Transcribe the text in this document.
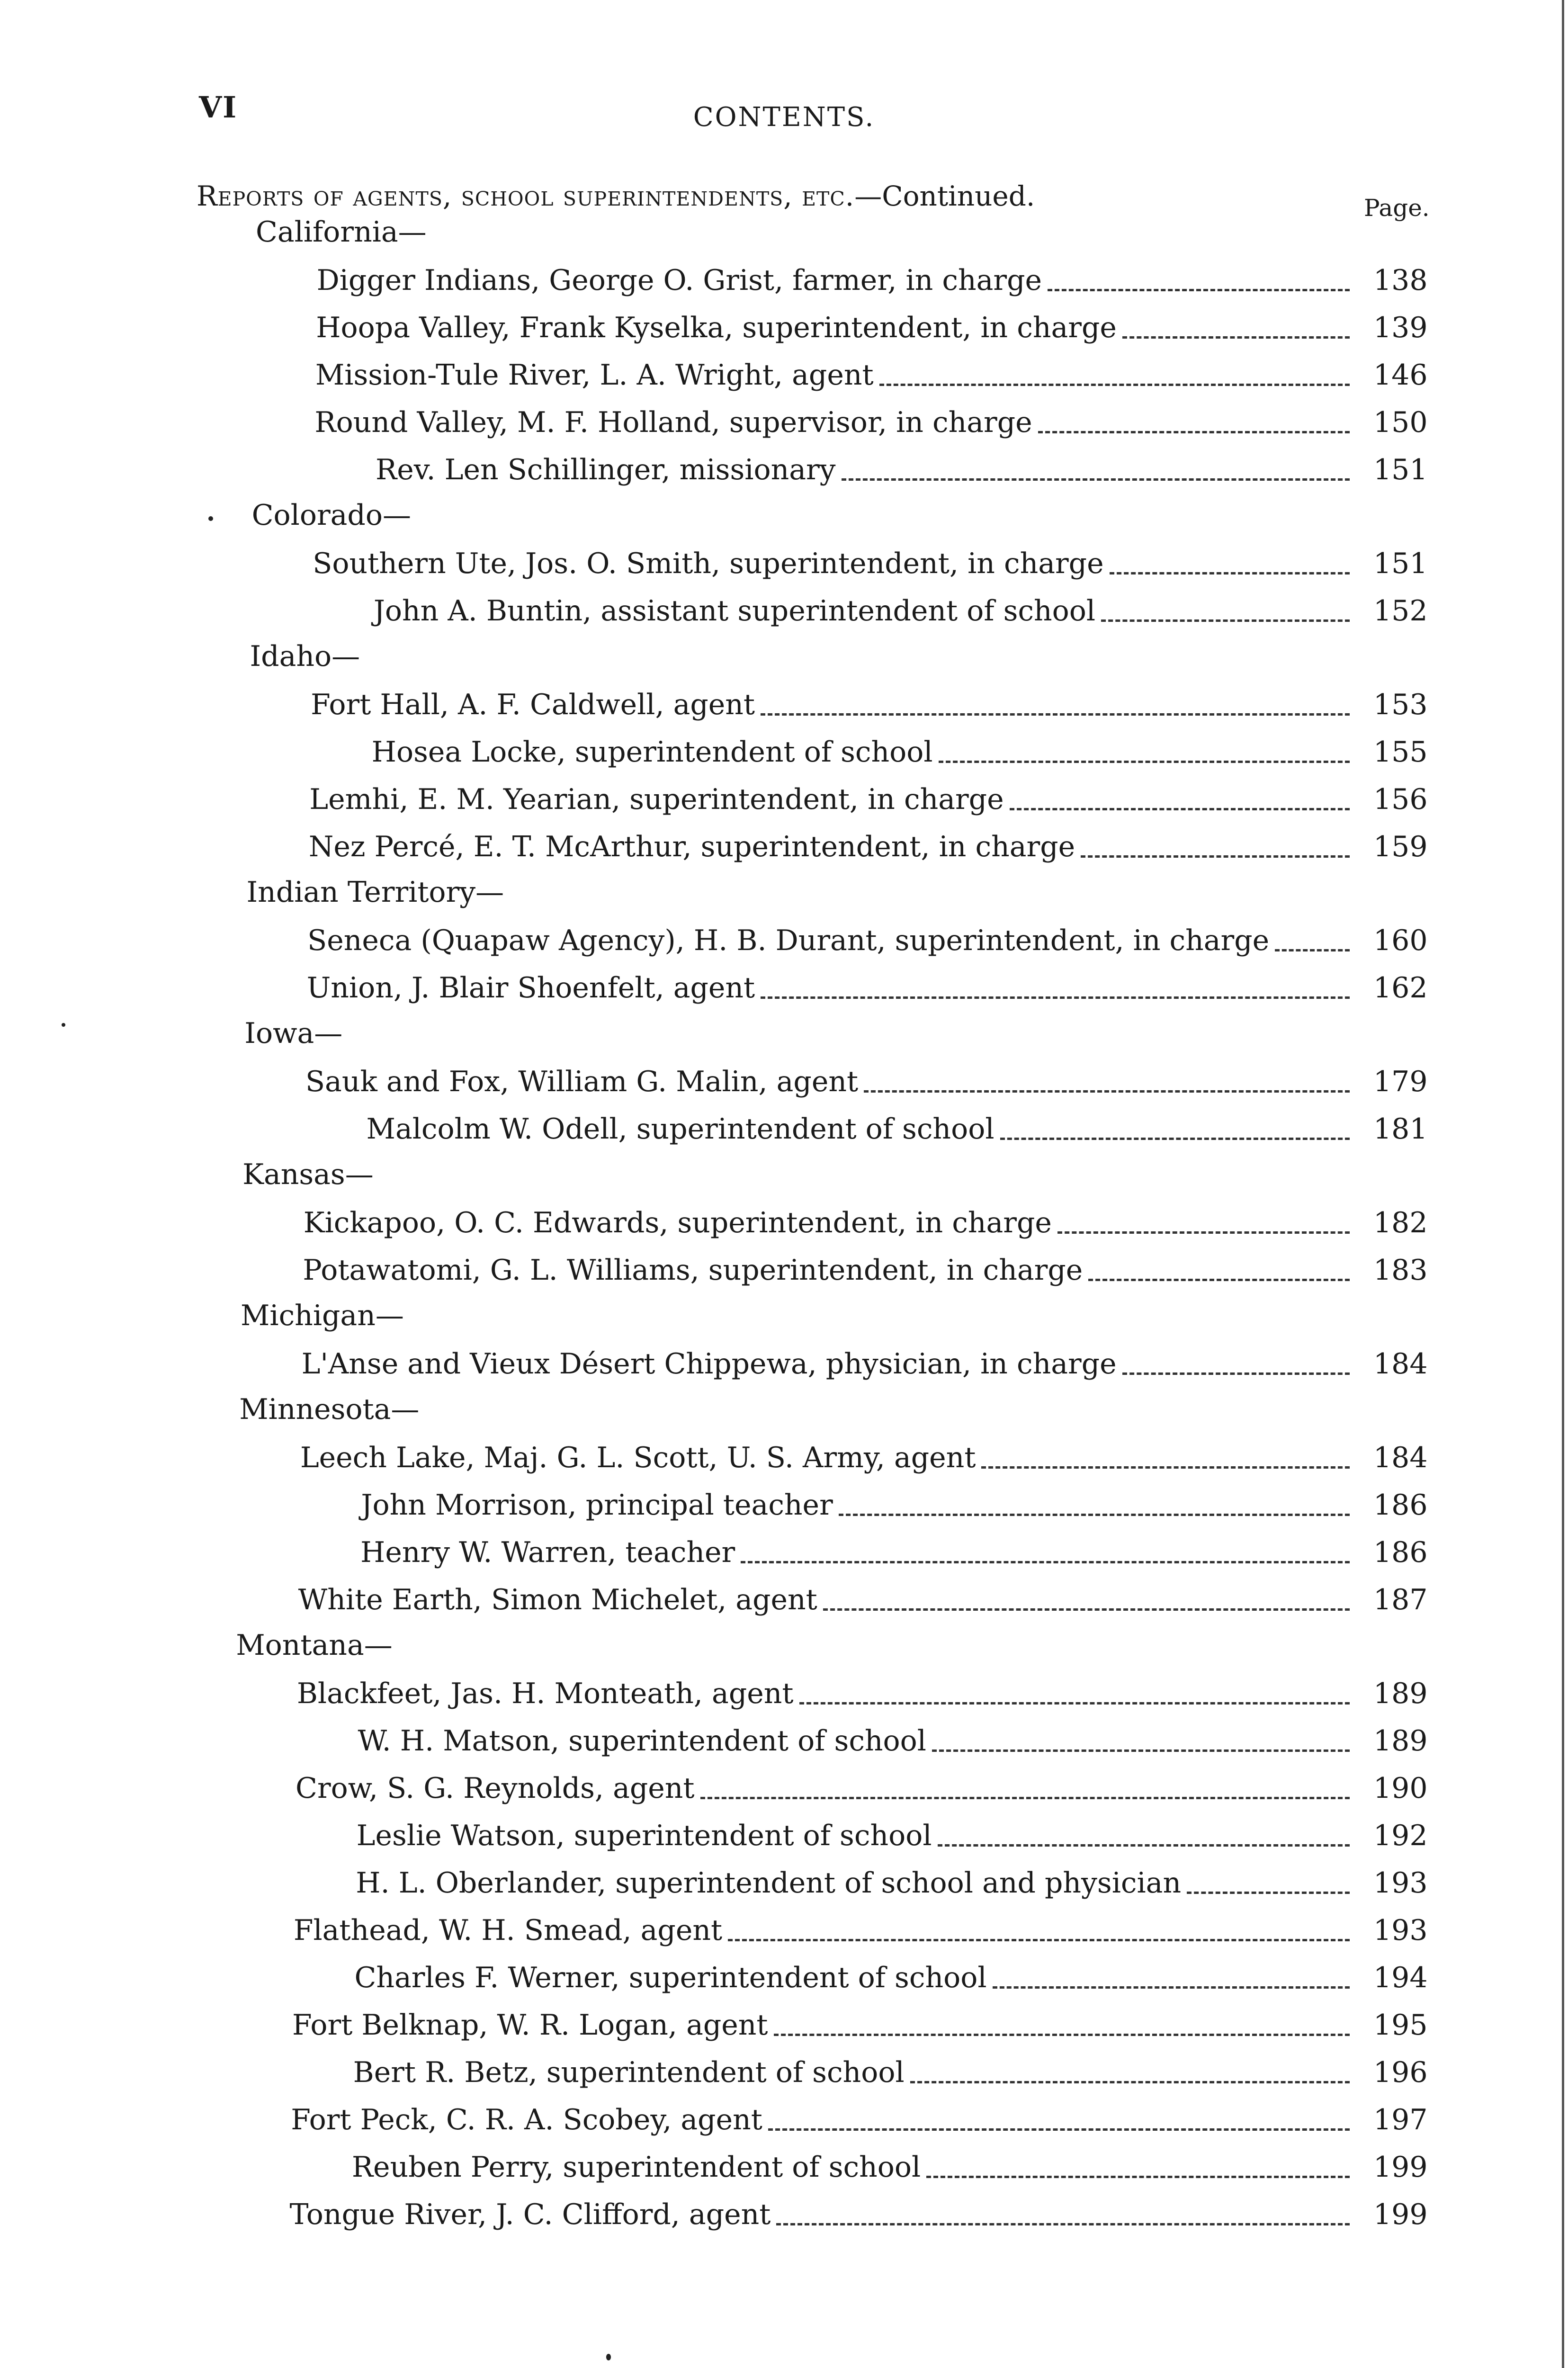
VI	CONTENTS.
Reports of agents, school superintendents, etc.—Continued.	Page.
California—
Digger Indians, George O. Grist, farmer, in charge	138
Hoopa Valley, Frank Kyselka, superintendent, in charge	139
Mission-Tule River, L. A. Wright, agent	146
Round Valley, M. F. Holland, supervisor, in charge	150
Rev. Len Schillinger, missionary	151
Colorado—
Southern Ute, Jos. O. Smith, superintendent, in charge	151
John A. Buntin, assistant superintendent of school	152
Idaho—
Fort Hall, A. F. Caldwell, agent	153
Hosea Locke, superintendent of school	155
Lemhi, E. M. Yearian, superintendent, in charge	156
Nez Percé, E. T. McArthur, superintendent, in charge	159
Indian Territory—
Seneca (Quapaw Agency), H. B. Durant, superintendent, in charge	160
Union, J. Blair Shoenfelt, agent	162
Iowa—
Sauk and Fox, William G. Malin, agent	179
Malcolm W. Odell, superintendent of school	181
Kansas—
Kickapoo, O. C. Edwards, superintendent, in charge	182
Potawatomi, G. L. Williams, superintendent, in charge	183
Michigan—
L'Anse and Vieux Désert Chippewa, physician, in charge	184
Minnesota—
Leech Lake, Maj. G. L. Scott, U. S. Army, agent	184
John Morrison, principal teacher	186
Henry W. Warren, teacher	186
White Earth, Simon Michelet, agent	187
Montana—
Blackfeet, Jas. H. Monteath, agent	189
W. H. Matson, superintendent of school	189
Crow, S. G. Reynolds, agent	190
Leslie Watson, superintendent of school	192
H. L. Oberlander, superintendent of school and physician	193
Flathead, W. H. Smead, agent	193
Charles F. Werner, superintendent of school	194
Fort Belknap, W. R. Logan, agent	195
Bert R. Betz, superintendent of school	196
Fort Peck, C. R. A. Scobey, agent	197
Reuben Perry, superintendent of school	199
Tongue River, J. C. Clifford, agent	199
